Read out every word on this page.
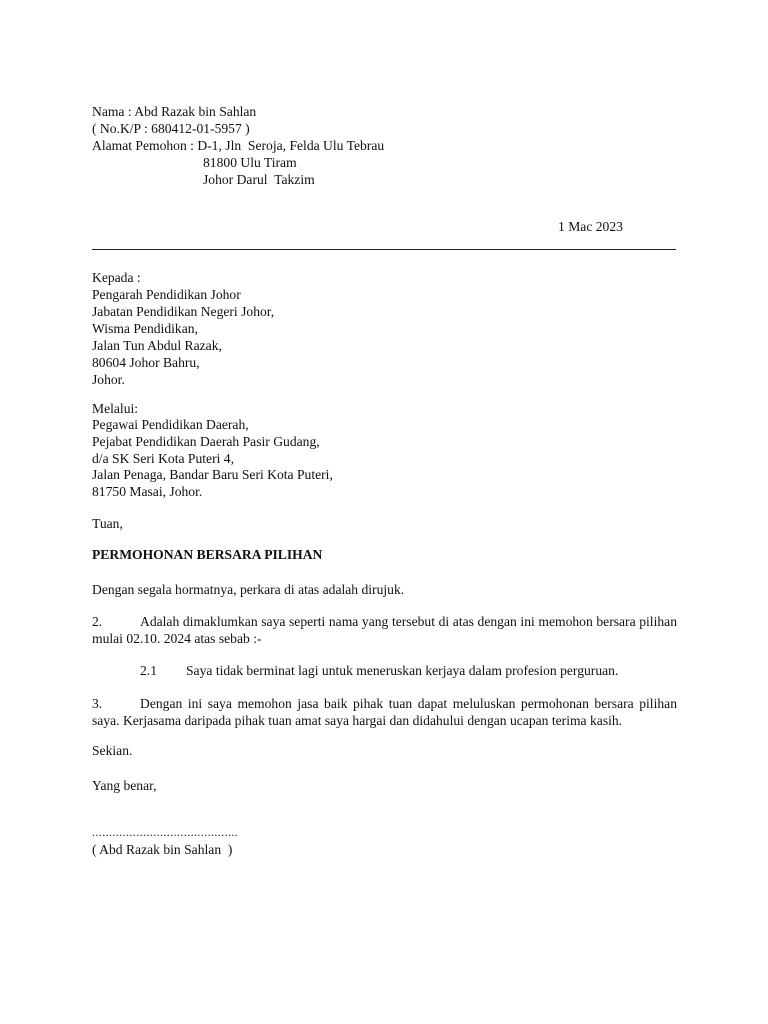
Nama : Abd Razak bin Sahlan
( No.K/P : 680412-01-5957 )
Alamat Pemohon : D-1, Jln  Seroja, Felda Ulu Tebrau
81800 Ulu Tiram
Johor Darul  Takzim
1 Mac 2023
Kepada :
Pengarah Pendidikan Johor
Jabatan Pendidikan Negeri Johor,
Wisma Pendidikan,
Jalan Tun Abdul Razak,
80604 Johor Bahru,
Johor.
Melalui:
Pegawai Pendidikan Daerah,
Pejabat Pendidikan Daerah Pasir Gudang,
d/a SK Seri Kota Puteri 4,
Jalan Penaga, Bandar Baru Seri Kota Puteri,
81750 Masai, Johor.
Tuan,
PERMOHONAN BERSARA PILIHAN
Dengan segala hormatnya, perkara di atas adalah dirujuk.
2.	Adalah dimaklumkan saya seperti nama yang tersebut di atas dengan ini memohon bersara pilihan mulai 02.10. 2024 atas sebab :-
2.1 Saya tidak berminat lagi untuk meneruskan kerjaya dalam profesion perguruan.
3.	Dengan ini saya memohon jasa baik pihak tuan dapat meluluskan permohonan bersara pilihan saya. Kerjasama daripada pihak tuan amat saya hargai dan didahului dengan ucapan terima kasih.
Sekian.
Yang benar,
...........................................
( Abd Razak bin Sahlan  )
